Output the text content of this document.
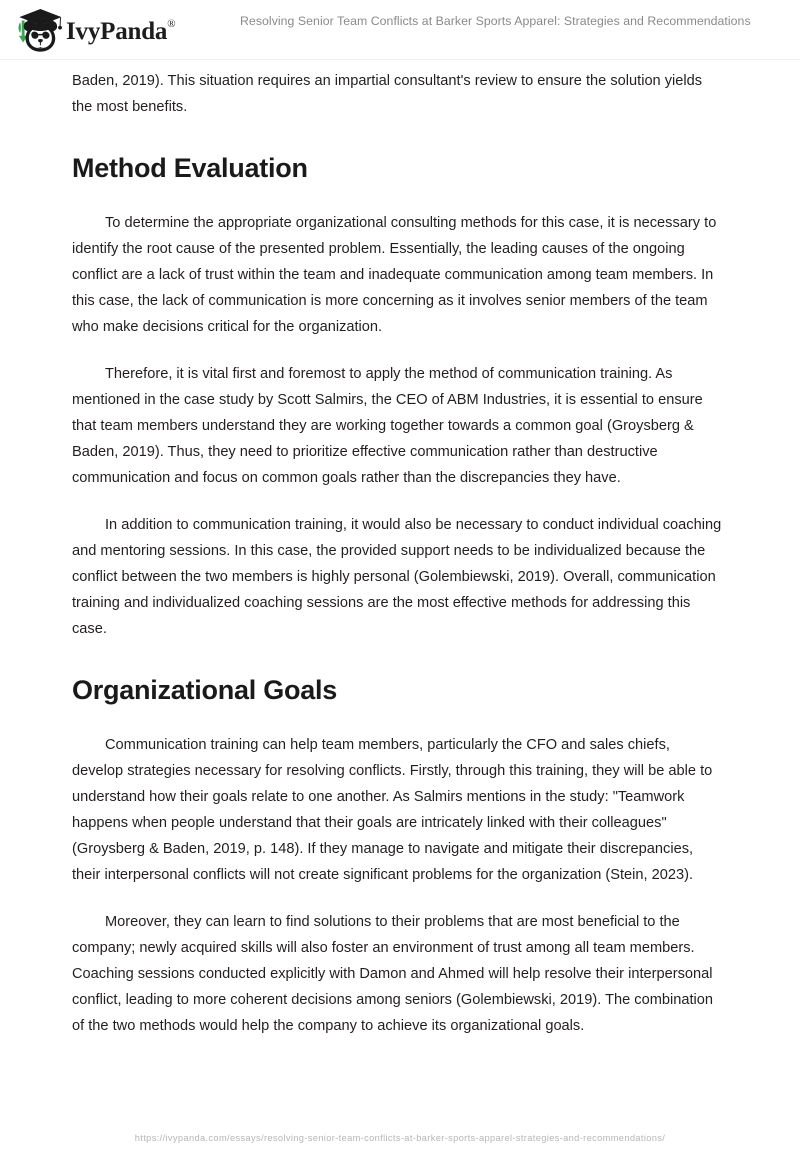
IvyPanda®	Resolving Senior Team Conflicts at Barker Sports Apparel: Strategies and Recommendations

Baden, 2019). This situation requires an impartial consultant's review to ensure the solution yields the most benefits.

Method Evaluation

To determine the appropriate organizational consulting methods for this case, it is necessary to identify the root cause of the presented problem. Essentially, the leading causes of the ongoing conflict are a lack of trust within the team and inadequate communication among team members. In this case, the lack of communication is more concerning as it involves senior members of the team who make decisions critical for the organization.

Therefore, it is vital first and foremost to apply the method of communication training. As mentioned in the case study by Scott Salmirs, the CEO of ABM Industries, it is essential to ensure that team members understand they are working together towards a common goal (Groysberg & Baden, 2019). Thus, they need to prioritize effective communication rather than destructive communication and focus on common goals rather than the discrepancies they have.

In addition to communication training, it would also be necessary to conduct individual coaching and mentoring sessions. In this case, the provided support needs to be individualized because the conflict between the two members is highly personal (Golembiewski, 2019). Overall, communication training and individualized coaching sessions are the most effective methods for addressing this case.

Organizational Goals

Communication training can help team members, particularly the CFO and sales chiefs, develop strategies necessary for resolving conflicts. Firstly, through this training, they will be able to understand how their goals relate to one another. As Salmirs mentions in the study: "Teamwork happens when people understand that their goals are intricately linked with their colleagues" (Groysberg & Baden, 2019, p. 148). If they manage to navigate and mitigate their discrepancies, their interpersonal conflicts will not create significant problems for the organization (Stein, 2023).

Moreover, they can learn to find solutions to their problems that are most beneficial to the company; newly acquired skills will also foster an environment of trust among all team members. Coaching sessions conducted explicitly with Damon and Ahmed will help resolve their interpersonal conflict, leading to more coherent decisions among seniors (Golembiewski, 2019). The combination of the two methods would help the company to achieve its organizational goals.

https://ivypanda.com/essays/resolving-senior-team-conflicts-at-barker-sports-apparel-strategies-and-recommendations/
